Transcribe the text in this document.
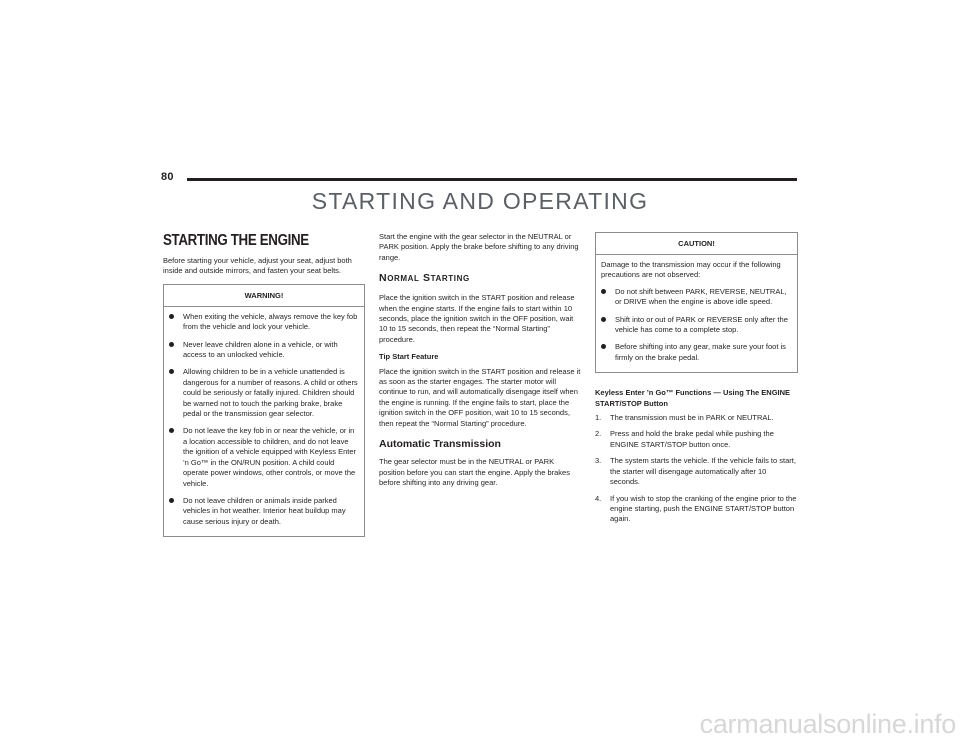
80
STARTING AND OPERATING
STARTING THE ENGINE

Before starting your vehicle, adjust your seat, adjust both inside and outside mirrors, and fasten your seat belts.

WARNING!
When exiting the vehicle, always remove the key fob from the vehicle and lock your vehicle.
Never leave children alone in a vehicle, or with access to an unlocked vehicle.
Allowing children to be in a vehicle unattended is dangerous for a number of reasons. A child or others could be seriously or fatally injured. Children should be warned not to touch the parking brake, brake pedal or the transmission gear selector.
Do not leave the key fob in or near the vehicle, or in a location accessible to children, and do not leave the ignition of a vehicle equipped with Keyless Enter ’n Go™ in the ON/RUN position. A child could operate power windows, other controls, or move the vehicle.
Do not leave children or animals inside parked vehicles in hot weather. Interior heat buildup may cause serious injury or death.

Start the engine with the gear selector in the NEUTRAL or PARK position. Apply the brake before shifting to any driving range.

NORMAL STARTING

Place the ignition switch in the START position and release when the engine starts. If the engine fails to start within 10 seconds, place the ignition switch in the OFF position, wait 10 to 15 seconds, then repeat the “Normal Starting” procedure.

Tip Start Feature

Place the ignition switch in the START position and release it as soon as the starter engages. The starter motor will continue to run, and will automatically disengage itself when the engine is running. If the engine fails to start, place the ignition switch in the OFF position, wait 10 to 15 seconds, then repeat the “Normal Starting” procedure.

Automatic Transmission

The gear selector must be in the NEUTRAL or PARK position before you can start the engine. Apply the brakes before shifting into any driving gear.

CAUTION!

Damage to the transmission may occur if the following precautions are not observed:

Do not shift between PARK, REVERSE, NEUTRAL, or DRIVE when the engine is above idle speed.
Shift into or out of PARK or REVERSE only after the vehicle has come to a complete stop.
Before shifting into any gear, make sure your foot is firmly on the brake pedal.
Keyless Enter ’n Go™ Functions — Using The ENGINE START/STOP Button
1. The transmission must be in PARK or NEUTRAL.
2. Press and hold the brake pedal while pushing the ENGINE START/STOP button once.
3. The system starts the vehicle. If the vehicle fails to start, the starter will disengage automatically after 10 seconds.
4. If you wish to stop the cranking of the engine prior to the engine starting, push the ENGINE START/STOP button again.
carmanualsonline.info
